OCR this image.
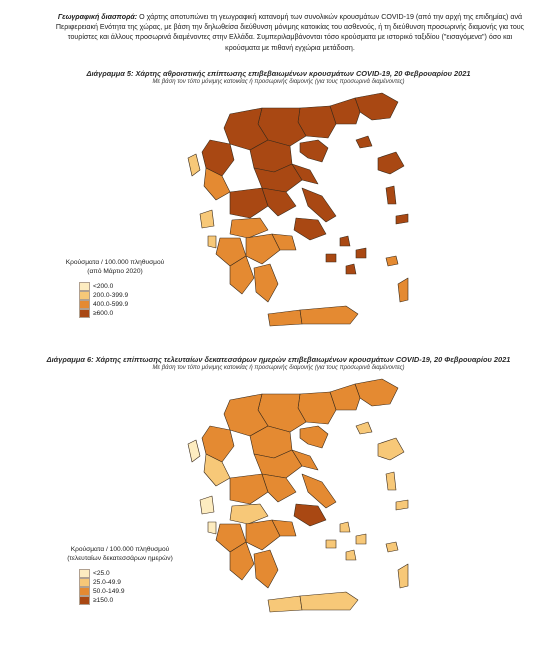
Γεωγραφική διασπορά: Ο χάρτης αποτυπώνει τη γεωγραφική κατανομή των συνολικών κρουσμάτων COVID-19 (από την αρχή της επιδημίας) ανά Περιφερειακή Ενότητα της χώρας, με βάση την δηλωθείσα διεύθυνση μόνιμης κατοικίας του ασθενούς, ή τη διεύθυνση προσωρινής διαμονής για τους τουρίστες και άλλους προσωρινά διαμένοντες στην Ελλάδα. Συμπεριλαμβάνονται τόσο κρούσματα με ιστορικό ταξιδίου ("εισαγόμενα") όσο και κρούσματα με πιθανή εγχώρια μετάδοση.
Διάγραμμα 5: Χάρτης αθροιστικής επίπτωσης επιβεβαιωμένων κρουσμάτων COVID-19, 20 Φεβρουαρίου 2021
Με βάση τον τόπο μόνιμης κατοικίας ή προσωρινής διαμονής (για τους προσωρινά διαμένοντες)
Κρούσματα / 100.000 πληθυσμού
(από Μάρτιο 2020)
<200.0
200.0-399.9
400.0-599.9
≥600.0
Διάγραμμα 6: Χάρτης επίπτωσης τελευταίων δεκατεσσάρων ημερών επιβεβαιωμένων κρουσμάτων COVID-19, 20 Φεβρουαρίου 2021
Με βάση τον τόπο μόνιμης κατοικίας ή προσωρινής διαμονής (για τους προσωρινά διαμένοντες)
Κρούσματα / 100.000 πληθυσμού
(τελευταίων δεκατεσσάρων ημερών)
<25.0
25.0-49.9
50.0-149.9
≥150.0
